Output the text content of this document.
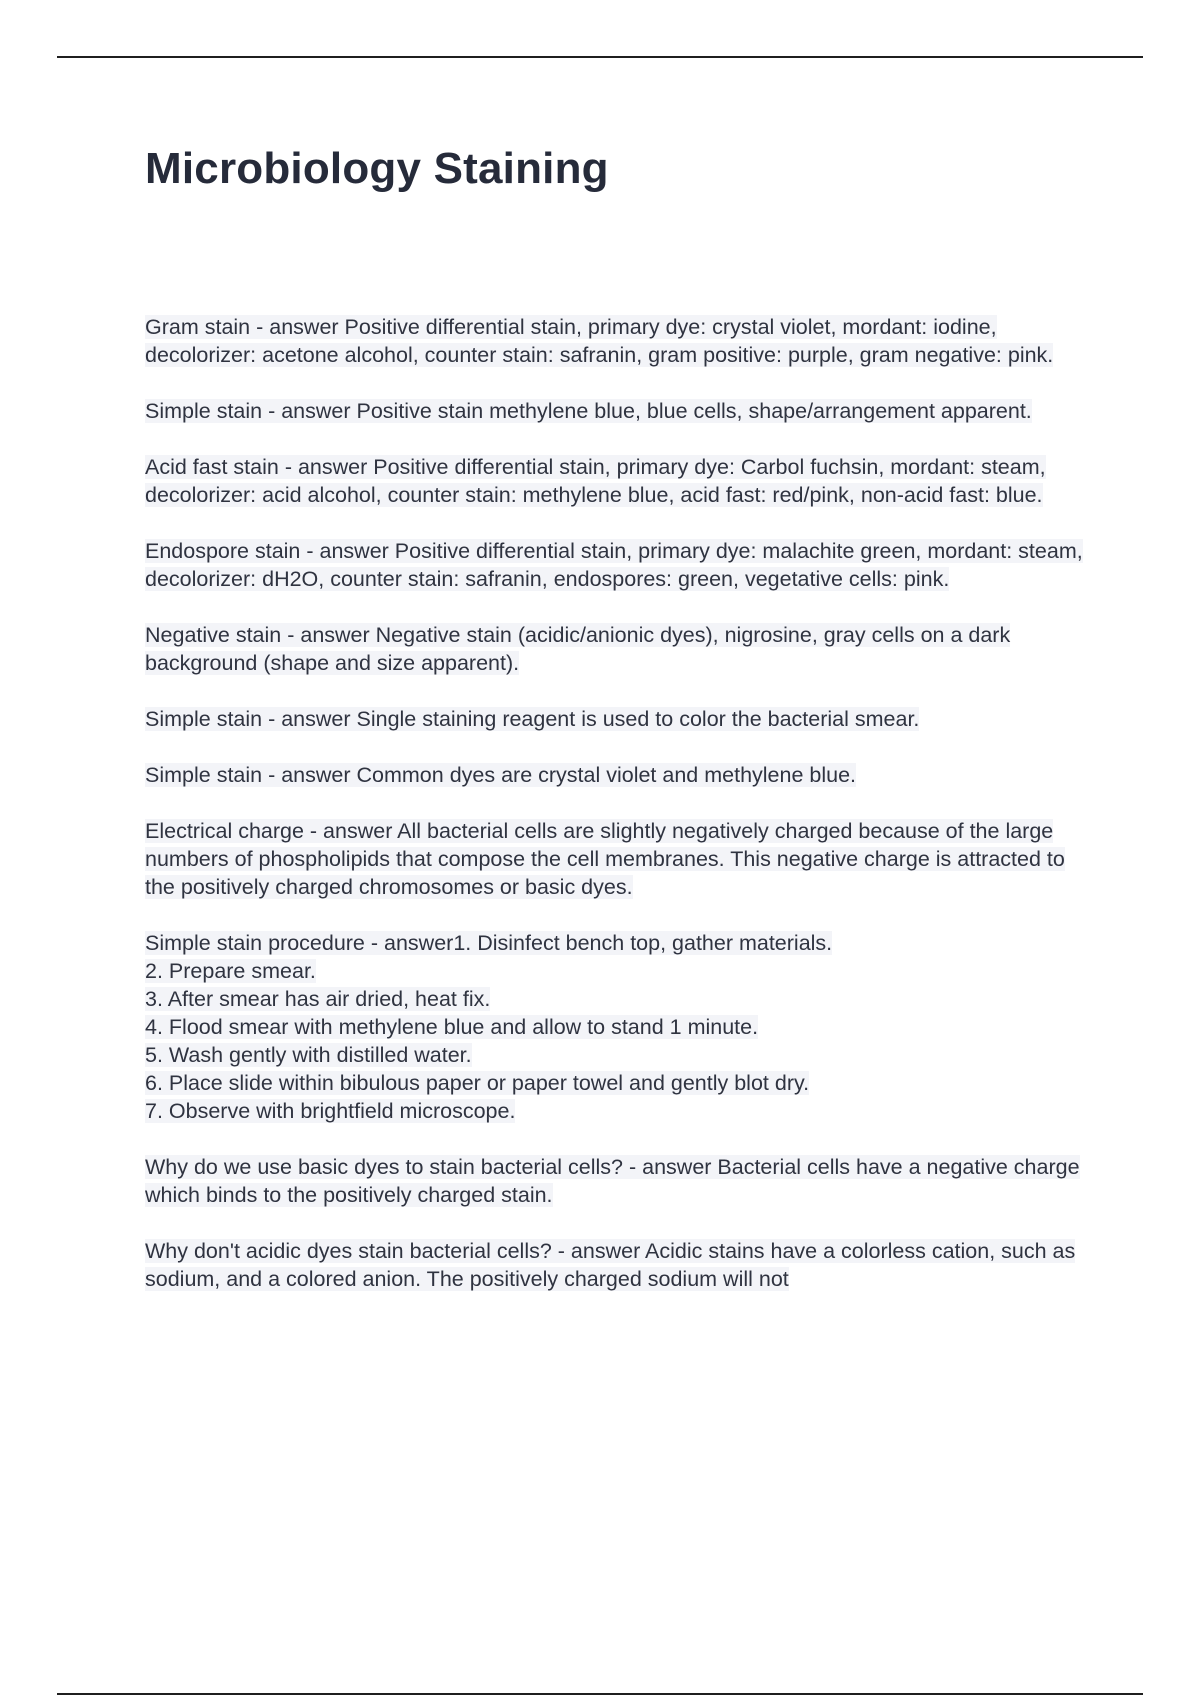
Microbiology Staining

Gram stain - answer Positive differential stain, primary dye: crystal violet, mordant: iodine, decolorizer: acetone alcohol, counter stain: safranin, gram positive: purple, gram negative: pink.

Simple stain - answer Positive stain methylene blue, blue cells, shape/arrangement apparent.

Acid fast stain - answer Positive differential stain, primary dye: Carbol fuchsin, mordant: steam, decolorizer: acid alcohol, counter stain: methylene blue, acid fast: red/pink, non-acid fast: blue.

Endospore stain - answer Positive differential stain, primary dye: malachite green, mordant: steam, decolorizer: dH2O, counter stain: safranin, endospores: green, vegetative cells: pink.

Negative stain - answer Negative stain (acidic/anionic dyes), nigrosine, gray cells on a dark background (shape and size apparent).

Simple stain - answer Single staining reagent is used to color the bacterial smear.

Simple stain - answer Common dyes are crystal violet and methylene blue.

Electrical charge - answer All bacterial cells are slightly negatively charged because of the large numbers of phospholipids that compose the cell membranes. This negative charge is attracted to the positively charged chromosomes or basic dyes.

Simple stain procedure - answer1. Disinfect bench top, gather materials.
2. Prepare smear.
3. After smear has air dried, heat fix.
4. Flood smear with methylene blue and allow to stand 1 minute.
5. Wash gently with distilled water.
6. Place slide within bibulous paper or paper towel and gently blot dry.
7. Observe with brightfield microscope.

Why do we use basic dyes to stain bacterial cells? - answer Bacterial cells have a negative charge which binds to the positively charged stain.

Why don't acidic dyes stain bacterial cells? - answer Acidic stains have a colorless cation, such as sodium, and a colored anion. The positively charged sodium will not
